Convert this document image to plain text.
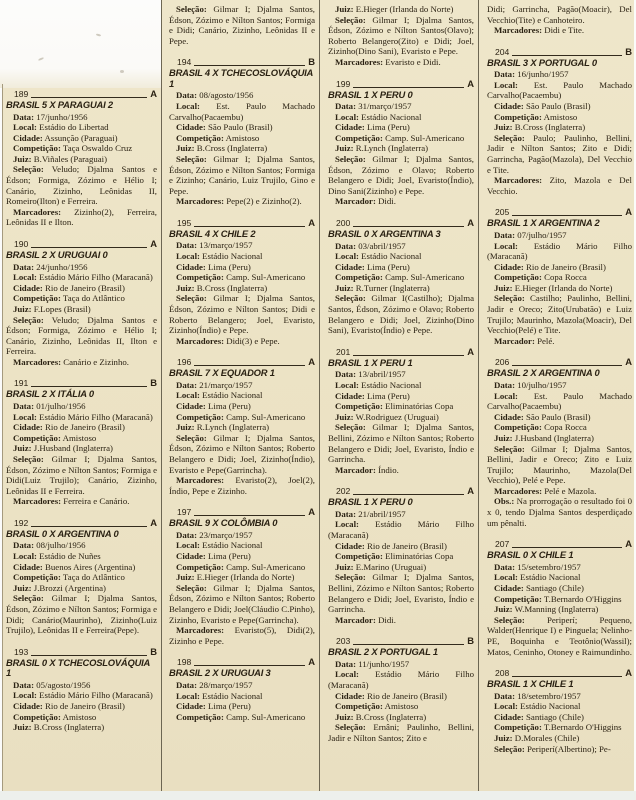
189	A
BRASIL 5 X PARAGUAI 2
Data: 17/junho/1956
Local: Estádio do Libertad
Cidade: Assunção (Paraguai)
Competição: Taça Oswaldo Cruz
Juiz: B.Viñales (Paraguai)
Seleção: Veludo; Djalma Santos e Édson; Formiga, Zózimo e Hélio I; Canário, Zizinho, Leônidas II, Romeiro(Ilton) e Ferreira.
Marcadores: Zizinho(2), Ferreira, Leônidas II e Ilton.
190	A
BRASIL 2 X URUGUAI 0
Data: 24/junho/1956
Local: Estádio Mário Filho (Maracanã)
Cidade: Rio de Janeiro (Brasil)
Competição: Taça do Atlântico
Juiz: F.Lopes (Brasil)
Seleção: Veludo; Djalma Santos e Édson; Formiga, Zózimo e Hélio I; Canário, Zizinho, Leônidas II, Ilton e Ferreira.
Marcadores: Canário e Zizinho.
191	B
BRASIL 2 X ITÁLIA 0
Data: 01/julho/1956
Local: Estádio Mário Filho (Maracanã)
Cidade: Rio de Janeiro (Brasil)
Competição: Amistoso
Juiz: J.Husband (Inglaterra)
Seleção: Gilmar I; Djalma Santos, Édson, Zózimo e Nílton Santos; Formiga e Didi(Luiz Trujilo); Canário, Zizinho, Leônidas II e Ferreira.
Marcadores: Ferreira e Canário.
192	A
BRASIL 0 X ARGENTINA 0
Data: 08/julho/1956
Local: Estádio de Nuñes
Cidade: Buenos Aires (Argentina)
Competição: Taça do Atlântico
Juiz: J.Brozzi (Argentina)
Seleção: Gilmar I; Djalma Santos, Édson, Zózimo e Nílton Santos; Formiga e Didi; Canário(Maurinho), Zizinho(Luiz Trujilo), Leônidas II e Ferreira(Pepe).
193	B
BRASIL 0 X TCHECOSLOVÁQUIA 1
Data: 05/agosto/1956
Local: Estádio Mário Filho (Maracanã)
Cidade: Rio de Janeiro (Brasil)
Competição: Amistoso
Juiz: B.Cross (Inglaterra)
Seleção: Gilmar I; Djalma Santos, Édson, Zózimo e Nílton Santos; Formiga e Didi; Canário, Zizinho, Leônidas II e Pepe.
194	B
BRASIL 4 X TCHECOSLOVÁQUIA 1
Data: 08/agosto/1956
Local: Est. Paulo Machado Carvalho(Pacaembu)
Cidade: São Paulo (Brasil)
Competição: Amistoso
Juiz: B.Cross (Inglaterra)
Seleção: Gilmar I; Djalma Santos, Édson, Zózimo e Nílton Santos; Formiga e Zizinho; Canário, Luiz Trujilo, Gino e Pepe.
Marcadores: Pepe(2) e Zizinho(2).
195	A
BRASIL 4 X CHILE 2
Data: 13/março/1957
Local: Estádio Nacional
Cidade: Lima (Peru)
Competição: Camp. Sul-Americano
Juiz: B.Cross (Inglaterra)
Seleção: Gilmar I; Djalma Santos, Édson, Zózimo e Nílton Santos; Didi e Roberto Belangero; Joel, Evaristo, Zizinho(Índio) e Pepe.
Marcadores: Didi(3) e Pepe.
196	A
BRASIL 7 X EQUADOR 1
Data: 21/março/1957
Local: Estádio Nacional
Cidade: Lima (Peru)
Competição: Camp. Sul-Americano
Juiz: R.Lynch (Inglaterra)
Seleção: Gilmar I; Djalma Santos, Édson, Zózimo e Nílton Santos; Roberto Belangero e Didi; Joel, Zizinho(Índio), Evaristo e Pepe(Garrincha).
Marcadores: Evaristo(2), Joel(2), Índio, Pepe e Zizinho.
197	A
BRASIL 9 X COLÔMBIA 0
Data: 23/março/1957
Local: Estádio Nacional
Cidade: Lima (Peru)
Competição: Camp. Sul-Americano
Juiz: E.Hieger (Irlanda do Norte)
Seleção: Gilmar I; Djalma Santos, Édson, Zózimo e Nílton Santos; Roberto Belangero e Didi; Joel(Cláudio C.Pinho), Zizinho, Evaristo e Pepe(Garrincha).
Marcadores: Evaristo(5), Didi(2), Zizinho e Pepe.
198	A
BRASIL 2 X URUGUAI 3
Data: 28/março/1957
Local: Estádio Nacional
Cidade: Lima (Peru)
Competição: Camp. Sul-Americano
Juiz: E.Hieger (Irlanda do Norte)
Seleção: Gilmar I; Djalma Santos, Édson, Zózimo e Nílton Santos(Olavo); Roberto Belangero(Zito) e Didi; Joel, Zizinho(Dino Sani), Evaristo e Pepe.
Marcadores: Evaristo e Didi.
199	A
BRASIL 1 X PERU 0
Data: 31/março/1957
Local: Estádio Nacional
Cidade: Lima (Peru)
Competição: Camp. Sul-Americano
Juiz: R.Lynch (Inglaterra)
Seleção: Gilmar I; Djalma Santos, Édson, Zózimo e Olavo; Roberto Belangero e Didi; Joel, Evaristo(Índio), Dino Sani(Zizinho) e Pepe.
Marcador: Didi.
200	A
BRASIL 0 X ARGENTINA 3
Data: 03/abril/1957
Local: Estádio Nacional
Cidade: Lima (Peru)
Competição: Camp. Sul-Americano
Juiz: R.Turner (Inglaterra)
Seleção: Gilmar I(Castilho); Djalma Santos, Édson, Zózimo e Olavo; Roberto Belangero e Didi; Joel, Zizinho(Dino Sani), Evaristo(Índio) e Pepe.
201	A
BRASIL 1 X PERU 1
Data: 13/abril/1957
Local: Estádio Nacional
Cidade: Lima (Peru)
Competição: Eliminatórias Copa
Juiz: W.Rodriguez (Uruguai)
Seleção: Gilmar I; Djalma Santos, Bellini, Zózimo e Nílton Santos; Roberto Belangero e Didi; Joel, Evaristo, Índio e Garrincha.
Marcador: Índio.
202	A
BRASIL 1 X PERU 0
Data: 21/abril/1957
Local: Estádio Mário Filho (Maracanã)
Cidade: Rio de Janeiro (Brasil)
Competição: Eliminatórias Copa
Juiz: E.Marino (Uruguai)
Seleção: Gilmar I; Djalma Santos, Bellini, Zózimo e Nílton Santos; Roberto Belangero e Didi; Joel, Evaristo, Índio e Garrincha.
Marcador: Didi.
203	B
BRASIL 2 X PORTUGAL 1
Data: 11/junho/1957
Local: Estádio Mário Filho (Maracanã)
Cidade: Rio de Janeiro (Brasil)
Competição: Amistoso
Juiz: B.Cross (Inglaterra)
Seleção: Ernâni; Paulinho, Bellini, Jadir e Nílton Santos; Zito e
Didi; Garrincha, Pagão(Moacir), Del Vecchio(Tite) e Canhoteiro.
Marcadores: Didi e Tite.
204	B
BRASIL 3 X PORTUGAL 0
Data: 16/junho/1957
Local: Est. Paulo Machado Carvalho(Pacaembu)
Cidade: São Paulo (Brasil)
Competição: Amistoso
Juiz: B.Cross (Inglaterra)
Seleção: Paulo; Paulinho, Bellini, Jadir e Nílton Santos; Zito e Didi; Garrincha, Pagão(Mazola), Del Vecchio e Tite.
Marcadores: Zito, Mazola e Del Vecchio.
205	A
BRASIL 1 X ARGENTINA 2
Data: 07/julho/1957
Local: Estádio Mário Filho (Maracanã)
Cidade: Rio de Janeiro (Brasil)
Competição: Copa Rocca
Juiz: E.Hieger (Irlanda do Norte)
Seleção: Castilho; Paulinho, Bellini, Jadir e Oreco; Zito(Urubatão) e Luiz Trujilo; Maurinho, Mazola(Moacir), Del Vecchio(Pelé) e Tite.
Marcador: Pelé.
206	A
BRASIL 2 X ARGENTINA 0
Data: 10/julho/1957
Local: Est. Paulo Machado Carvalho(Pacaembu)
Cidade: São Paulo (Brasil)
Competição: Copa Rocca
Juiz: J.Husband (Inglaterra)
Seleção: Gilmar I; Djalma Santos, Bellini, Jadir e Oreco; Zito e Luiz Trujilo; Maurinho, Mazola(Del Vecchio), Pelé e Pepe.
Marcadores: Pelé e Mazola.
Obs.: Na prorrogação o resultado foi 0 x 0, tendo Djalma Santos desperdiçado um pênalti.
207	A
BRASIL 0 X CHILE 1
Data: 15/setembro/1957
Local: Estádio Nacional
Cidade: Santiago (Chile)
Competição: T.Bernardo O'Higgins
Juiz: W.Manning (Inglaterra)
Seleção: Periperí; Pequeno, Walder(Henrique I) e Pinguela; Nelinho-PE, Boquinha e Teotônio(Wassil); Matos, Ceninho, Otoney e Raimundinho.
208	A
BRASIL 1 X CHILE 1
Data: 18/setembro/1957
Local: Estádio Nacional
Cidade: Santiago (Chile)
Competição: T.Bernardo O'Higgins
Juiz: D.Morales (Chile)
Seleção: Periperí(Albertino); Pe-
